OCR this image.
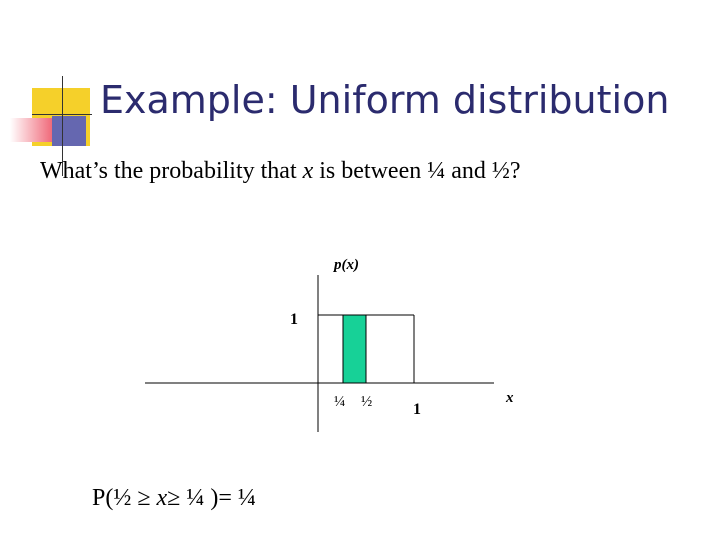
Example: Uniform distribution
What’s the probability that x is between ¼ and ½?
p(x)
1
¼ ½	1
x
P(½ ≥ x≥ ¼ )= ¼
